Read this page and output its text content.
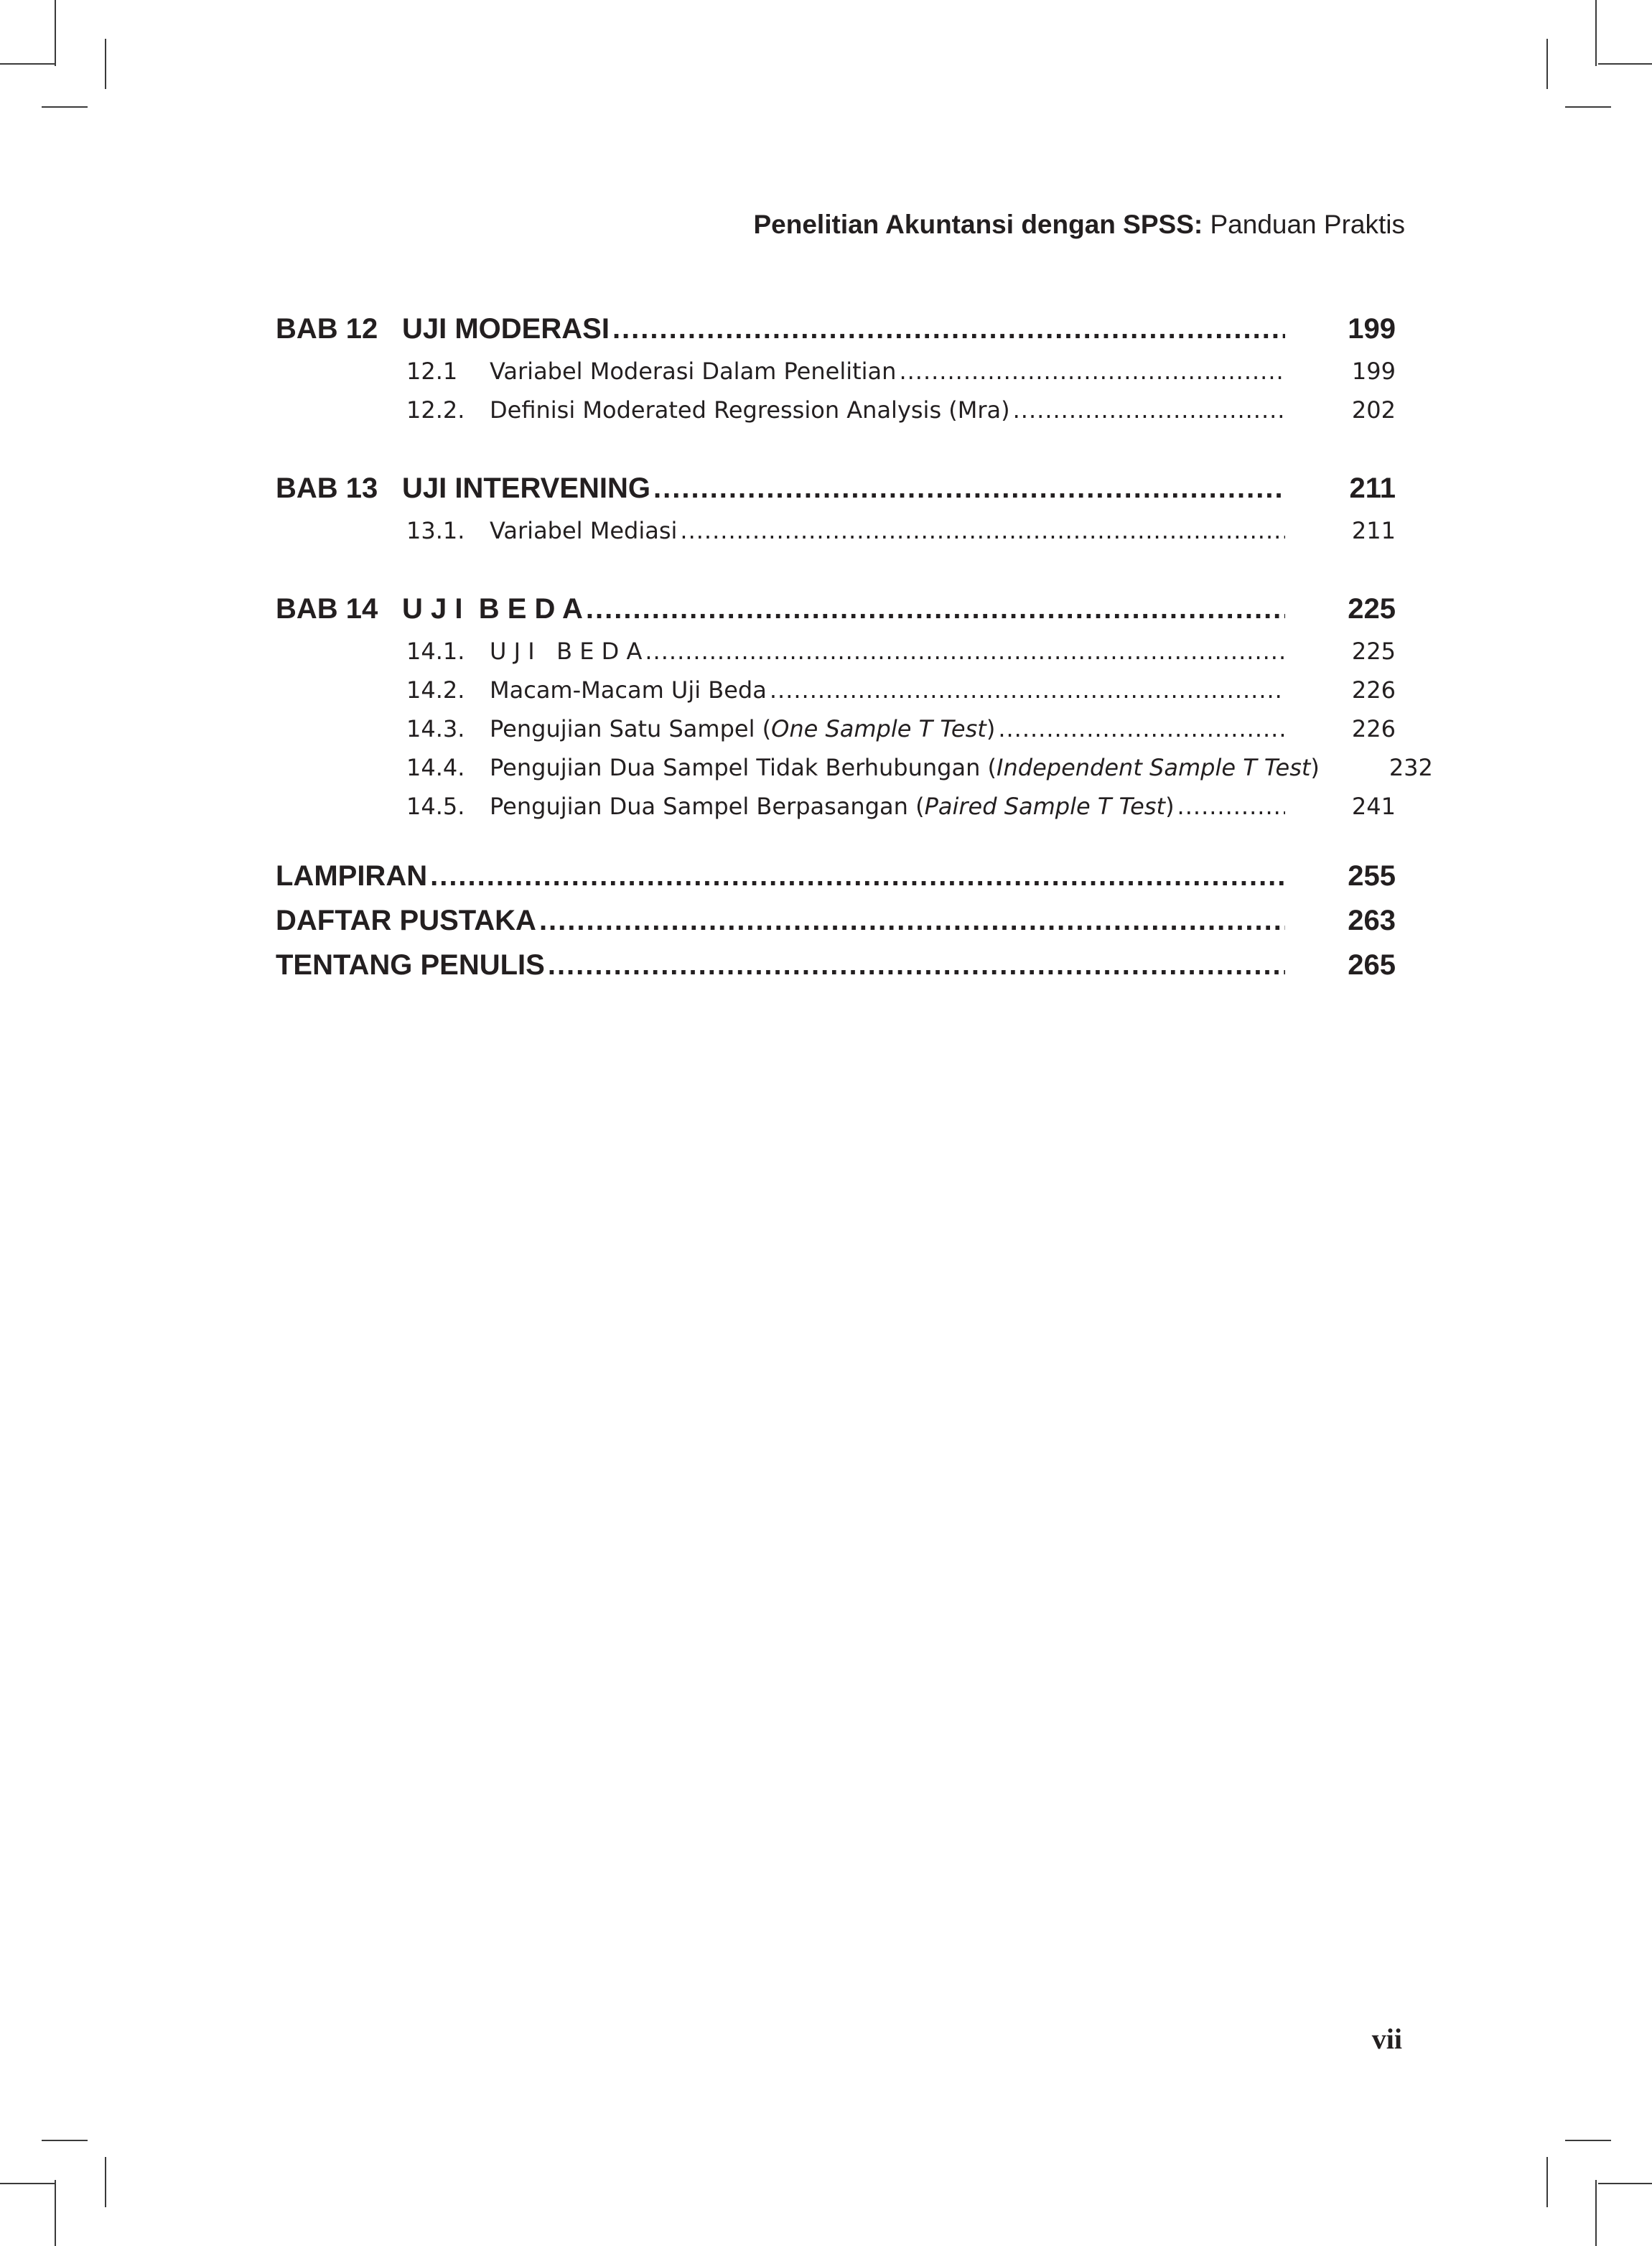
Penelitian Akuntansi dengan SPSS: Panduan Praktis
BAB 12 UJI MODERASI .....	199
12.1	Variabel Moderasi Dalam Penelitian .....	199
12.2.	Definisi Moderated Regression Analysis (Mra) .....	202
BAB 13 UJI INTERVENING .....	211
13.1.	Variabel Mediasi .....	211
BAB 14 U J I  B E D A .....	225
14.1.	U J I   B E D A .....	225
14.2.	Macam-Macam Uji Beda .....	226
14.3.	Pengujian Satu Sampel (One Sample T Test) .....	226
14.4.	Pengujian Dua Sampel Tidak Berhubungan (Independent Sample T Test)	232
14.5.	Pengujian Dua Sampel Berpasangan (Paired Sample T Test) .....	241
LAMPIRAN .....	255
DAFTAR PUSTAKA .....	263
TENTANG PENULIS .....	265
vii
